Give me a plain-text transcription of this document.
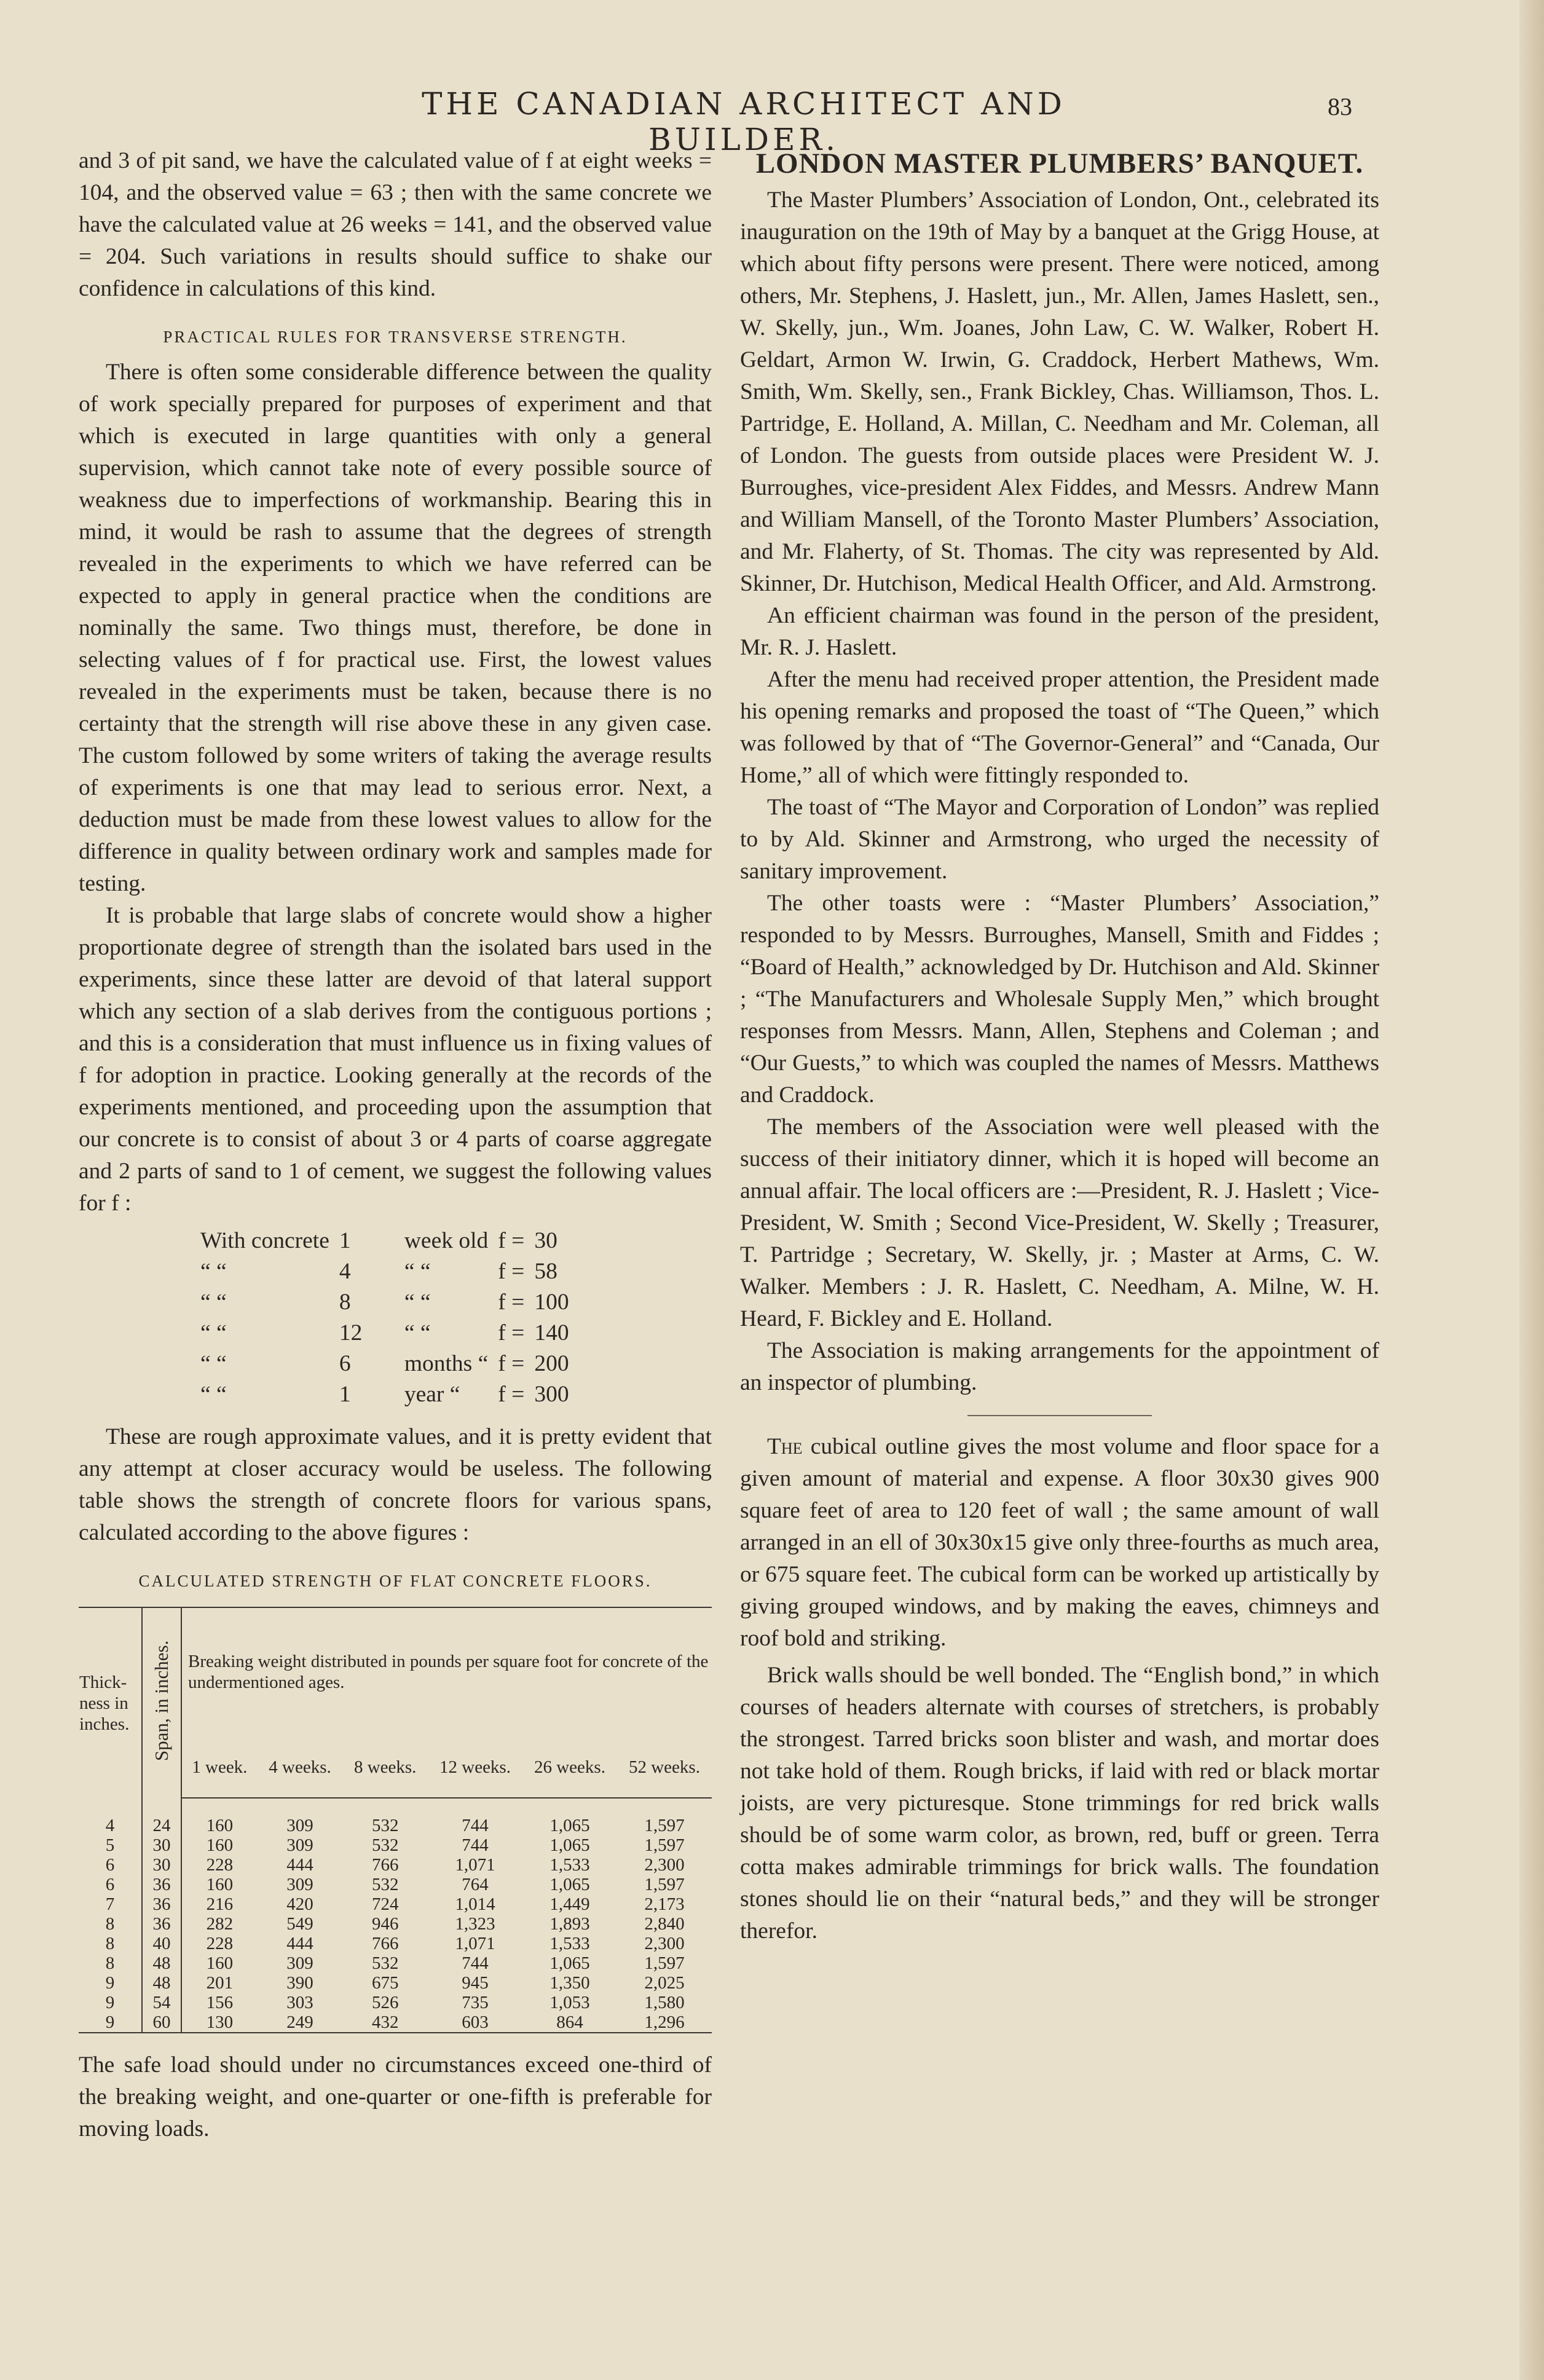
THE CANADIAN ARCHITECT AND BUILDER.
83

and 3 of pit sand, we have the calculated value of f at eight weeks = 104, and the observed value = 63 ; then with the same concrete we have the calculated value at 26 weeks = 141, and the observed value = 204. Such variations in results should suffice to shake our confidence in calculations of this kind.

PRACTICAL RULES FOR TRANSVERSE STRENGTH.

There is often some considerable difference between the quality of work specially prepared for purposes of experiment and that which is executed in large quantities with only a general supervision, which cannot take note of every possible source of weakness due to imperfections of workmanship. Bearing this in mind, it would be rash to assume that the degrees of strength revealed in the experiments to which we have referred can be expected to apply in general practice when the conditions are nominally the same. Two things must, therefore, be done in selecting values of f for practical use. First, the lowest values revealed in the experiments must be taken, because there is no certainty that the strength will rise above these in any given case. The custom followed by some writers of taking the average results of experiments is one that may lead to serious error. Next, a deduction must be made from these lowest values to allow for the difference in quality between ordinary work and samples made for testing.

It is probable that large slabs of concrete would show a higher proportionate degree of strength than the isolated bars used in the experiments, since these latter are devoid of that lateral support which any section of a slab derives from the contiguous portions ; and this is a consideration that must influence us in fixing values of f for adoption in practice. Looking generally at the records of the experiments mentioned, and proceeding upon the assumption that our concrete is to consist of about 3 or 4 parts of coarse aggregate and 2 parts of sand to 1 of cement, we suggest the following values for f :

With concrete	1	week old	f =	30
“ “	4	“ “	f =	58
“ “	8	“ “	f =	100
“ “	12	“ “	f =	140
“ “	6	months “	f =	200
“ “	1	year “	f =	300

These are rough approximate values, and it is pretty evident that any attempt at closer accuracy would be useless. The following table shows the strength of concrete floors for various spans, calculated according to the above figures :

CALCULATED STRENGTH OF FLAT CONCRETE FLOORS.
Thick-ness in inches.	Span, in inches.	Breaking weight distributed in pounds per square foot for concrete of the undermentioned ages.					
		1 week.	4 weeks.	8 weeks.	12 weeks.	26 weeks.	52 weeks.
4	24	160	309	532	744	1,065	1,597
5	30	160	309	532	744	1,065	1,597
6	30	228	444	766	1,071	1,533	2,300
6	36	160	309	532	764	1,065	1,597
7	36	216	420	724	1,014	1,449	2,173
8	36	282	549	946	1,323	1,893	2,840
8	40	228	444	766	1,071	1,533	2,300
8	48	160	309	532	744	1,065	1,597
9	48	201	390	675	945	1,350	2,025
9	54	156	303	526	735	1,053	1,580
9	60	130	249	432	603	864	1,296

The safe load should under no circumstances exceed one-third of the breaking weight, and one-quarter or one-fifth is preferable for moving loads.

LONDON MASTER PLUMBERS’ BANQUET.

The Master Plumbers’ Association of London, Ont., celebrated its inauguration on the 19th of May by a banquet at the Grigg House, at which about fifty persons were present. There were noticed, among others, Mr. Stephens, J. Haslett, jun., Mr. Allen, James Haslett, sen., W. Skelly, jun., Wm. Joanes, John Law, C. W. Walker, Robert H. Geldart, Armon W. Irwin, G. Craddock, Herbert Mathews, Wm. Smith, Wm. Skelly, sen., Frank Bickley, Chas. Williamson, Thos. L. Partridge, E. Holland, A. Millan, C. Needham and Mr. Coleman, all of London. The guests from outside places were President W. J. Burroughes, vice-president Alex Fiddes, and Messrs. Andrew Mann and William Mansell, of the Toronto Master Plumbers’ Association, and Mr. Flaherty, of St. Thomas. The city was represented by Ald. Skinner, Dr. Hutchison, Medical Health Officer, and Ald. Armstrong.

An efficient chairman was found in the person of the president, Mr. R. J. Haslett.

After the menu had received proper attention, the President made his opening remarks and proposed the toast of “The Queen,” which was followed by that of “The Governor-General” and “Canada, Our Home,” all of which were fittingly responded to.

The toast of “The Mayor and Corporation of London” was replied to by Ald. Skinner and Armstrong, who urged the necessity of sanitary improvement.

The other toasts were : “Master Plumbers’ Association,” responded to by Messrs. Burroughes, Mansell, Smith and Fiddes ; “Board of Health,” acknowledged by Dr. Hutchison and Ald. Skinner ; “The Manufacturers and Wholesale Supply Men,” which brought responses from Messrs. Mann, Allen, Stephens and Coleman ; and “Our Guests,” to which was coupled the names of Messrs. Matthews and Craddock.

The members of the Association were well pleased with the success of their initiatory dinner, which it is hoped will become an annual affair. The local officers are :—President, R. J. Haslett ; Vice-President, W. Smith ; Second Vice-President, W. Skelly ; Treasurer, T. Partridge ; Secretary, W. Skelly, jr. ; Master at Arms, C. W. Walker. Members : J. R. Haslett, C. Needham, A. Milne, W. H. Heard, F. Bickley and E. Holland.

The Association is making arrangements for the appointment of an inspector of plumbing.

The cubical outline gives the most volume and floor space for a given amount of material and expense. A floor 30x30 gives 900 square feet of area to 120 feet of wall ; the same amount of wall arranged in an ell of 30x30x15 give only three-fourths as much area, or 675 square feet. The cubical form can be worked up artistically by giving grouped windows, and by making the eaves, chimneys and roof bold and striking.

Brick walls should be well bonded. The “English bond,” in which courses of headers alternate with courses of stretchers, is probably the strongest. Tarred bricks soon blister and wash, and mortar does not take hold of them. Rough bricks, if laid with red or black mortar joists, are very picturesque. Stone trimmings for red brick walls should be of some warm color, as brown, red, buff or green. Terra cotta makes admirable trimmings for brick walls. The foundation stones should lie on their “natural beds,” and they will be stronger therefor.
